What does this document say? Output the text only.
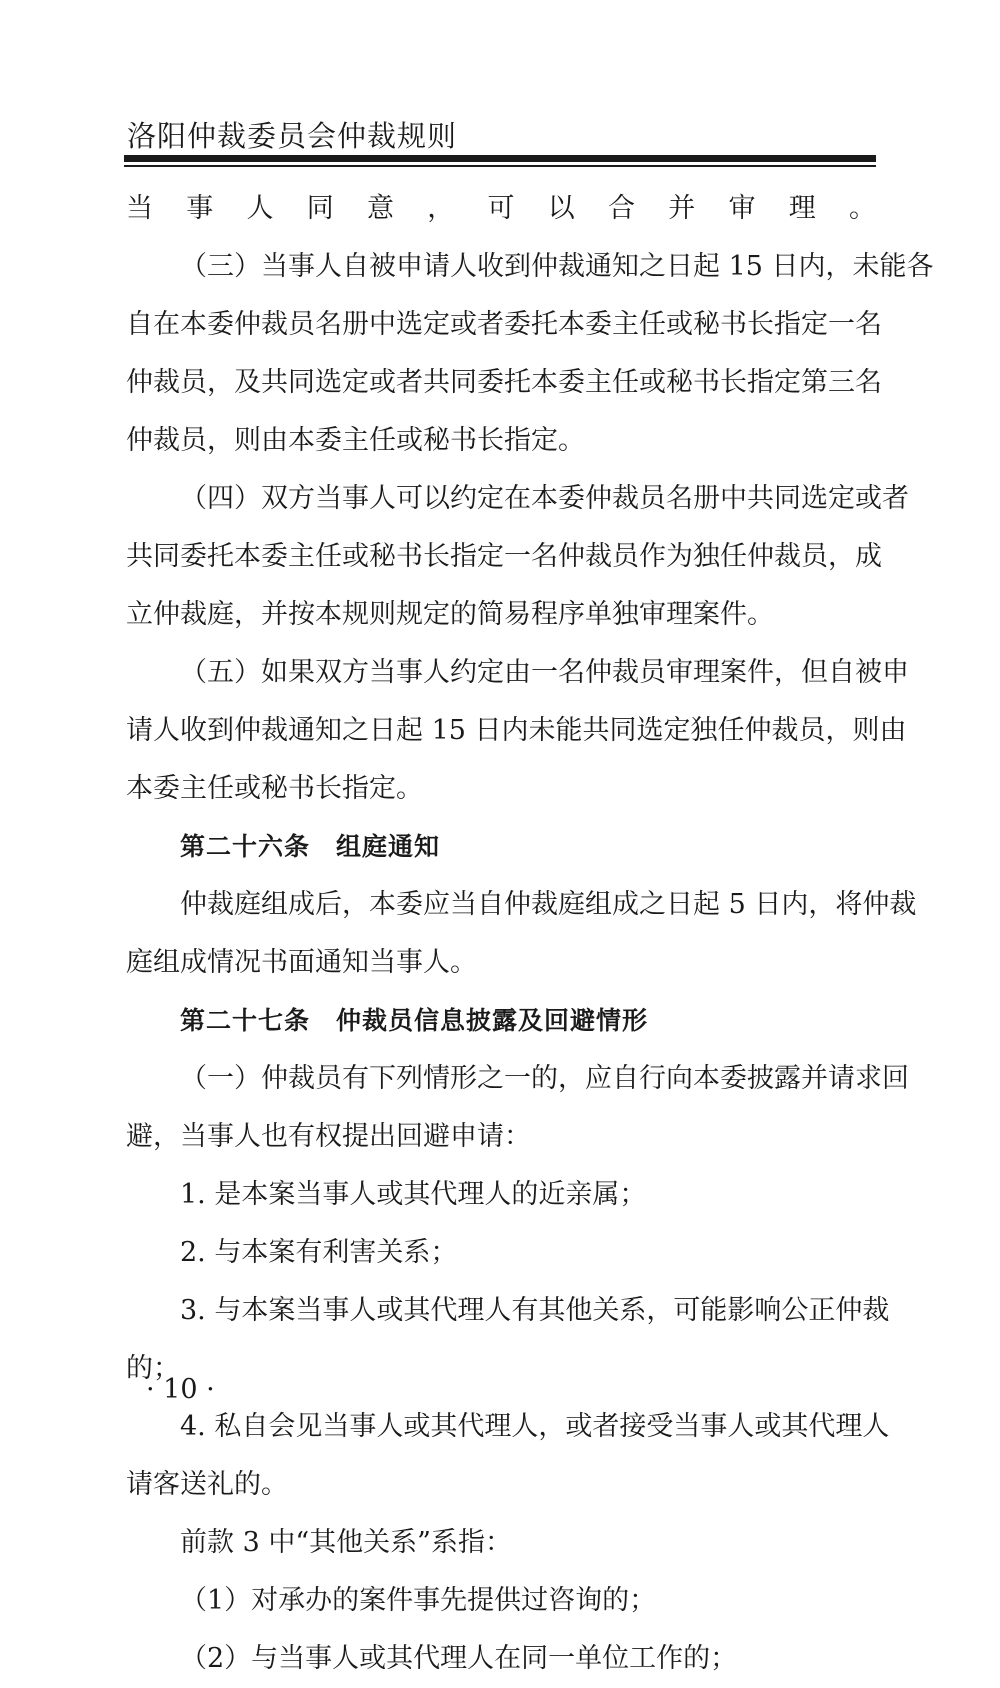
洛阳仲裁委员会仲裁规则
当事人同意，可以合并审理。
（三）当事人自被申请人收到仲裁通知之日起 15 日内，未能各
自在本委仲裁员名册中选定或者委托本委主任或秘书长指定一名
仲裁员，及共同选定或者共同委托本委主任或秘书长指定第三名
仲裁员，则由本委主任或秘书长指定。
（四）双方当事人可以约定在本委仲裁员名册中共同选定或者
共同委托本委主任或秘书长指定一名仲裁员作为独任仲裁员，成
立仲裁庭，并按本规则规定的简易程序单独审理案件。
（五）如果双方当事人约定由一名仲裁员审理案件，但自被申
请人收到仲裁通知之日起 15 日内未能共同选定独任仲裁员，则由
本委主任或秘书长指定。
第二十六条　组庭通知
仲裁庭组成后，本委应当自仲裁庭组成之日起 5 日内，将仲裁
庭组成情况书面通知当事人。
第二十七条　仲裁员信息披露及回避情形
（一）仲裁员有下列情形之一的，应自行向本委披露并请求回
避，当事人也有权提出回避申请：
1. 是本案当事人或其代理人的近亲属；
2. 与本案有利害关系；
3. 与本案当事人或其代理人有其他关系，可能影响公正仲裁
的；
4. 私自会见当事人或其代理人，或者接受当事人或其代理人
请客送礼的。
前款 3 中“其他关系”系指：
（1）对承办的案件事先提供过咨询的；
（2）与当事人或其代理人在同一单位工作的；
· 10 ·
